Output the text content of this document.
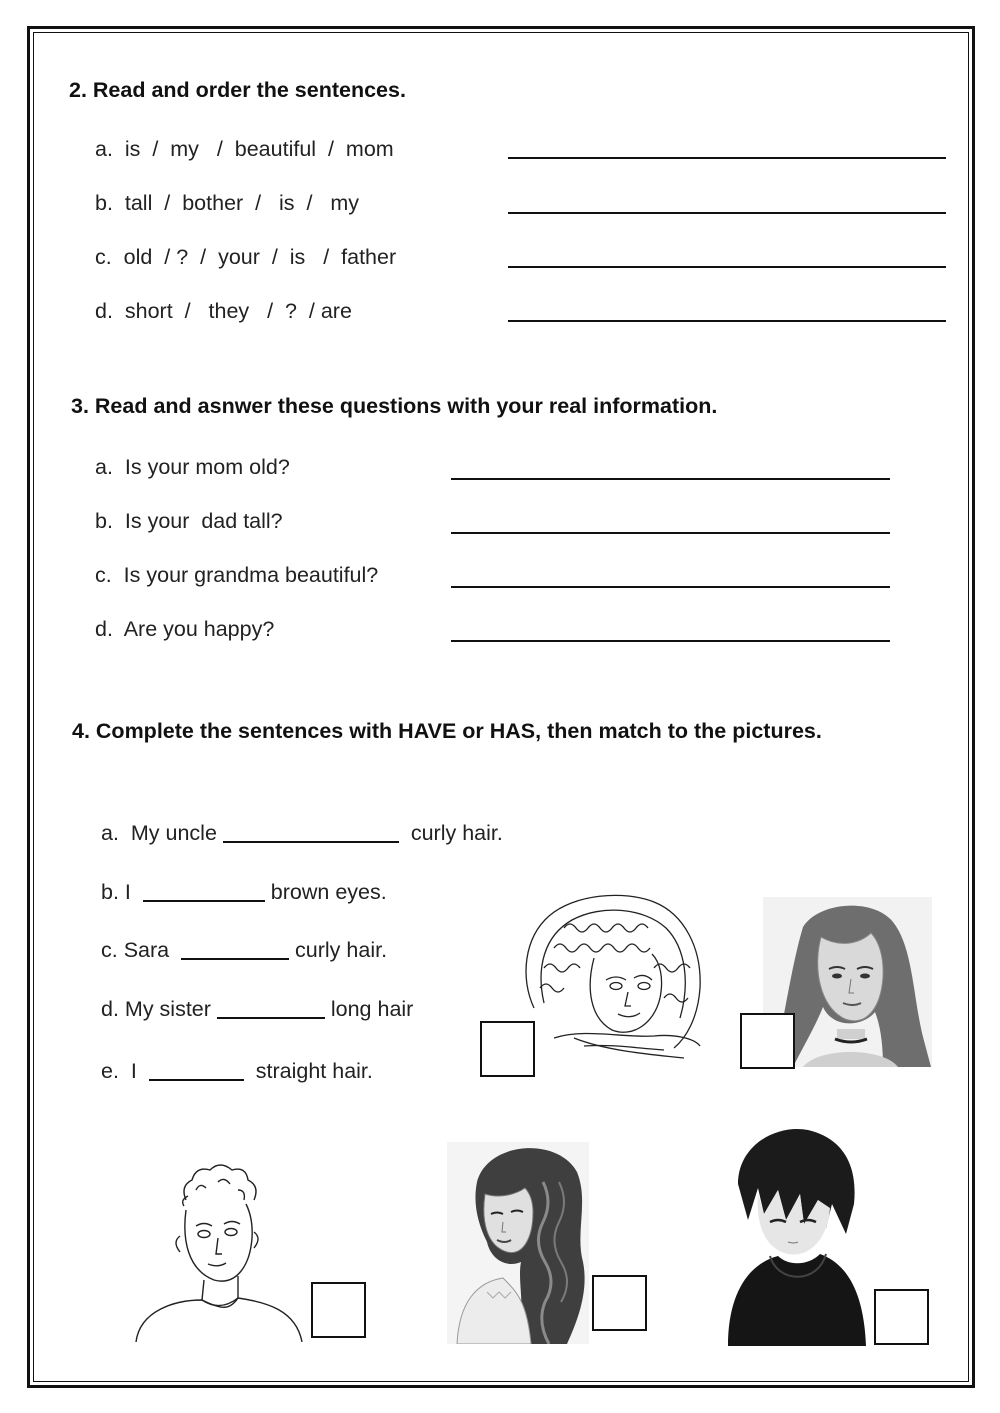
2. Read and order the sentences.
a.  is  /  my   /  beautiful  /  mom
b.  tall  /  bother  /   is  /   my
c.  old  / ?  /  your  /  is   /  father
d.  short  /   they   /  ?  / are
3. Read and asnwer these questions with your real information.
a.  Is your mom old?
b.  Is your  dad tall?
c.  Is your grandma beautiful?
d.  Are you happy?
4. Complete the sentences with HAVE or HAS, then match to the pictures.
a.  My uncle	curly hair.
b. I	brown eyes.
c. Sara	curly hair.
d. My sister	long hair
e.  I	straight hair.
